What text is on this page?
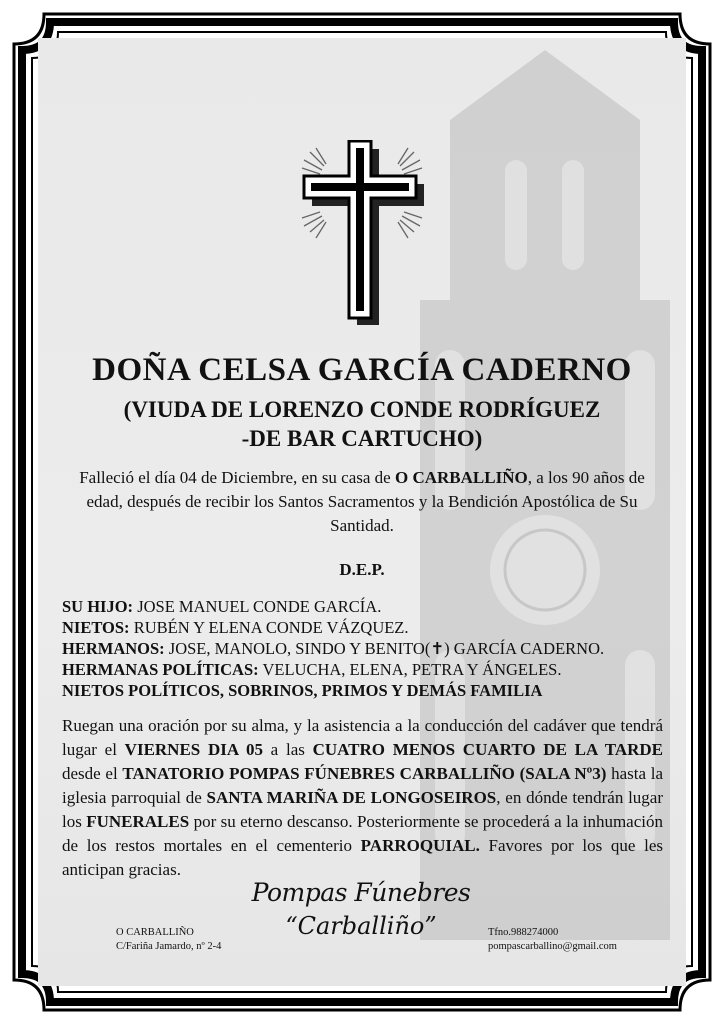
DOÑA CELSA GARCÍA CADERNO
(VIUDA DE LORENZO CONDE RODRÍGUEZ
-DE BAR CARTUCHO)
Falleció el día 04 de Diciembre, en su casa de O CARBALLIÑO, a los 90 años de edad, después de recibir los Santos Sacramentos y la Bendición Apostólica de Su Santidad.
D.E.P.
SU HIJO: JOSE MANUEL CONDE GARCÍA.
NIETOS: RUBÉN Y ELENA CONDE VÁZQUEZ.
HERMANOS: JOSE, MANOLO, SINDO Y BENITO(✝) GARCÍA CADERNO.
HERMANAS POLÍTICAS: VELUCHA, ELENA, PETRA Y ÁNGELES.
NIETOS POLÍTICOS, SOBRINOS, PRIMOS Y DEMÁS FAMILIA
Ruegan una oración por su alma, y la asistencia a la conducción del cadáver que tendrá lugar el VIERNES DIA 05 a las CUATRO MENOS CUARTO DE LA TARDE desde el TANATORIO POMPAS FÚNEBRES CARBALLIÑO (SALA Nº3) hasta la iglesia parroquial de SANTA MARIÑA DE LONGOSEIROS, en dónde tendrán lugar los FUNERALES por su eterno descanso. Posteriormente se procederá a la inhumación de los restos mortales en el cementerio PARROQUIAL. Favores por los que les anticipan gracias.
Pompas Fúnebres
“Carballiño”
O CARBALLIÑO
C/Fariña Jamardo, nº 2-4
Tfno.988274000
pompascarballino@gmail.com
